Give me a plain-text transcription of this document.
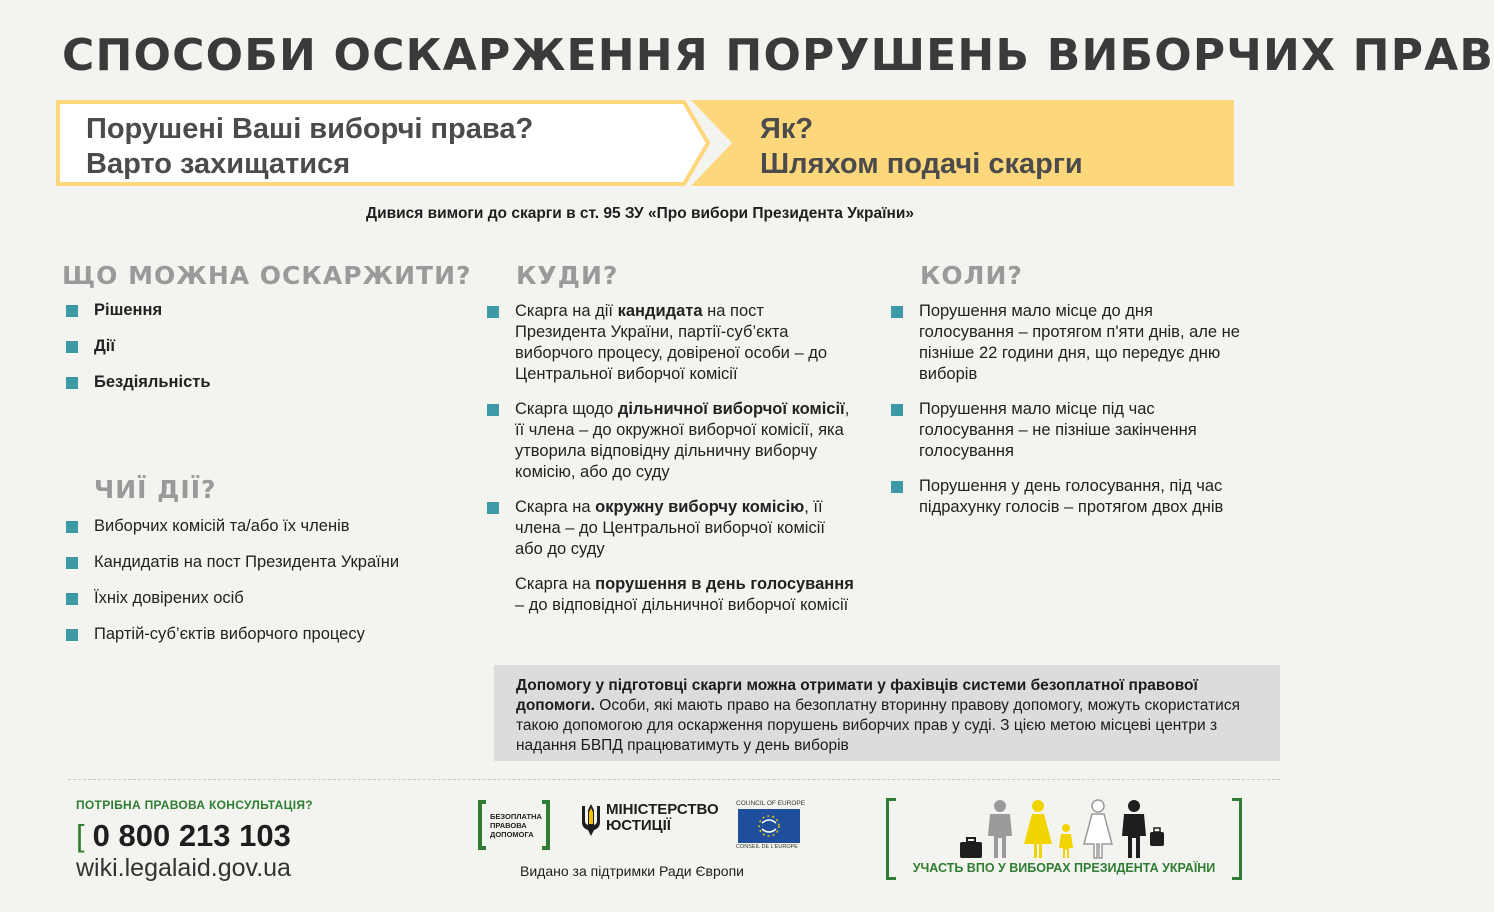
СПОСОБИ ОСКАРЖЕННЯ ПОРУШЕНЬ ВИБОРЧИХ ПРАВ
Порушені Ваші виборчі права?
Варто захищатися
Як?
Шляхом подачі скарги
Дивися вимоги до скарги в ст. 95 ЗУ «Про вибори Президента України»
ЩО МОЖНА ОСКАРЖИТИ?
Рішення
Дії
Бездіяльність
ЧИЇ ДІЇ?
Виборчих комісій та/або їх членів
Кандидатів на пост Президента України
Їхніх довірених осіб
Партій-суб’єктів виборчого процесу
КУДИ?
Скарга на дії кандидата на пост Президента України, партії-суб’єкта виборчого процесу, довіреної особи – до Центральної виборчої комісії
Скарга щодо дільничної виборчої комісії, її члена – до окружної виборчої комісії, яка утворила відповідну дільничну виборчу комісію, або до суду
Скарга на окружну виборчу комісію, її члена – до Центральної виборчої комісії або до суду
Скарга на порушення в день голосування – до відповідної дільничної виборчої комісії
КОЛИ?
Порушення мало місце до дня голосування – протягом п'яти днів, але не пізніше 22 години дня, що передує дню виборів
Порушення мало місце під час голосування – не пізніше закінчення голосування
Порушення у день голосування, під час підрахунку голосів – протягом двох днів
Допомогу у підготовці скарги можна отримати у фахівців системи безоплатної правової допомоги. Особи, які мають право на безоплатну вторинну правову допомогу, можуть скористатися такою допомогою для оскарження порушень виборчих прав у суді. З цією метою місцеві центри з надання БВПД працюватимуть у день виборів
ПОТРІБНА ПРАВОВА КОНСУЛЬТАЦІЯ?
[ 0 800 213 103
wiki.legalaid.gov.ua
БЕЗОПЛАТНА
ПРАВОВА
ДОПОМОГА
МІНІСТЕРСТВО
ЮСТИЦІЇ
COUNCIL OF EUROPE
CONSEIL DE L'EUROPE
Видано за підтримки Ради Європи	УЧАСТЬ ВПО У ВИБОРАХ ПРЕЗИДЕНТА УКРАЇНИ
